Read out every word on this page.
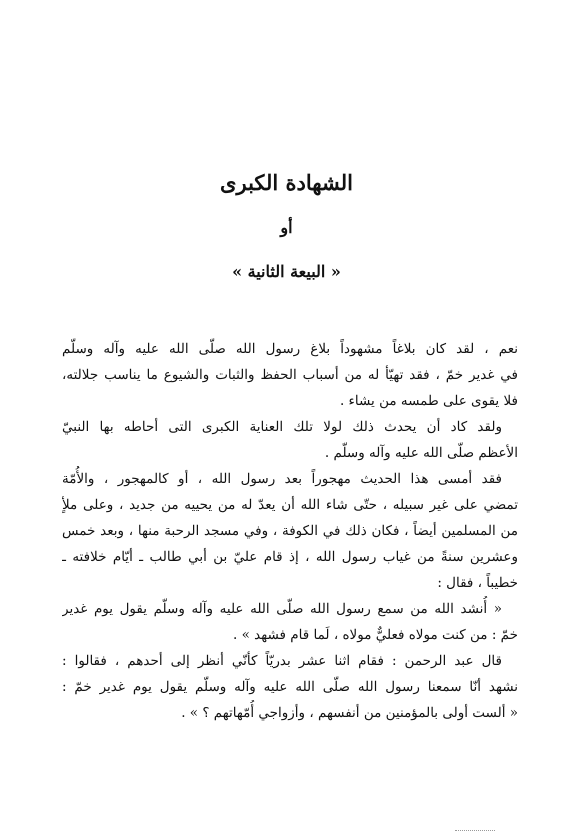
الشهادة الكبرى
أو
« البيعة الثانية »
نعم ، لقد كان بلاغاً مشهوداً بلاغ رسول الله صلّى الله عليه وآله وسلّم
في غدير خمّ ، فقد تهيّأ له من أسباب الحفظ والثبات والشيوع ما يناسب جلالته،
فلا يقوى على طمسه من يشاء .
ولقد كاد أن يحدث ذلك لولا تلك العناية الكبرى التى أحاطه بها النبيّ
الأعظم صلّى الله عليه وآله وسلّم .
فقد أمسى هذا الحديث مهجوراً بعد رسول الله ، أو كالمهجور ، والأُمّة
تمضي على غير سبيله ، حتّى شاء الله أن يعدّ له من يحييه من جديد ، وعلى ملأٍ
من المسلمين أيضاً ، فكان ذلك في الكوفة ، وفي مسجد الرحبة منها ، وبعد خمس
وعشرين سنةً من غياب رسول الله ، إذ قام عليّ بن أبي طالب ـ أيّام خلافته ـ
خطيباً ، فقال :
« أُنشد الله من سمع رسول الله صلّى الله عليه وآله وسلّم يقول يوم غدير
خمّ : من كنت مولاه فعليٌّ مولاه ، لَما قام فشهد » .
قال عبد الرحمن : فقام اثنا عشر بدريّاً كأنّي أنظر إلى أحدهم ، فقالوا :
نشهد أنّا سمعنا رسول الله صلّى الله عليه وآله وسلّم يقول يوم غدير خمّ :
« ألست أولى بالمؤمنين من أنفسهم ، وأزواجي أُمّهاتهم ؟ » .
